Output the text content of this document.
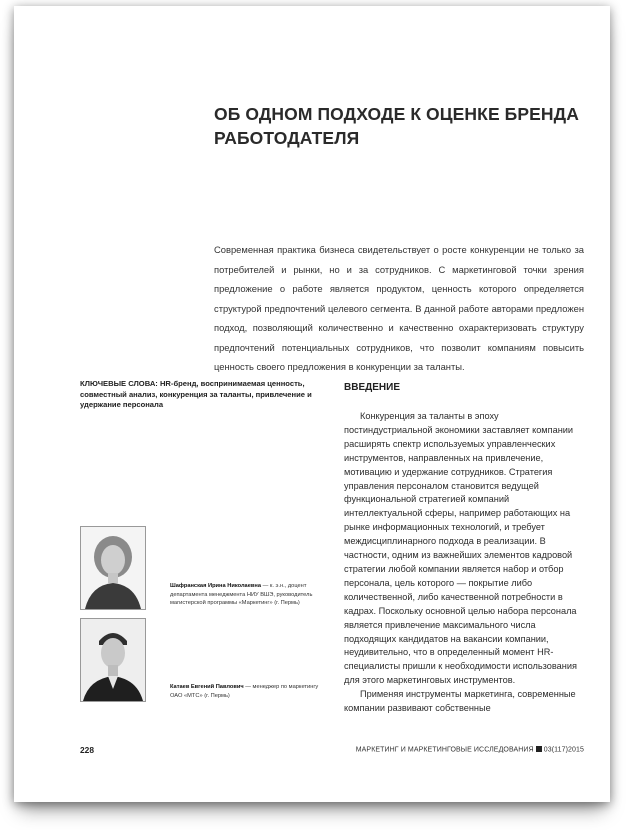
ОБ ОДНОМ ПОДХОДЕ К ОЦЕНКЕ БРЕНДА РАБОТОДАТЕЛЯ

Современная практика бизнеса свидетельствует о росте конкуренции не только за потребителей и рынки, но и за сотрудников. С маркетинговой точки зрения предложение о работе является продуктом, ценность которого определяется структурой предпочтений целевого сегмента. В данной работе авторами предложен подход, позволяющий количественно и качественно охарактеризовать структуру предпочтений потенциальных сотрудников, что позволит компаниям повысить ценность своего предложения в конкуренции за таланты.

КЛЮЧЕВЫЕ СЛОВА: HR-бренд, воспринимаемая ценность, совместный анализ, конкуренция за таланты, привлечение и удержание персонала
ВВЕДЕНИЕ

Конкуренция за таланты в эпоху постиндустриальной экономики заставляет компании расширять спектр используемых управленческих инструментов, направленных на привлечение, мотивацию и удержание сотрудников. Стратегия управления персоналом становится ведущей функциональной стратегией компаний интеллектуальной сферы, например работающих на рынке информационных технологий, и требует междисциплинарного подхода в реализации. В частности, одним из важнейших элементов кадровой стратегии любой компании является набор и отбор персонала, цель которого — покрытие либо количественной, либо качественной потребности в кадрах. Поскольку основной целью набора персонала является привлечение максимального числа подходящих кандидатов на вакансии компании, неудивительно, что в определенный момент HR-специалисты пришли к необходимости использования для этого маркетинговых инструментов.

Применяя инструменты маркетинга, современные компании развивают собственные

Шафранская Ирина Николаевна — к. э.н., доцент департамента менеджмента НИУ ВШЭ, руководитель магистерской программы «Маркетинг» (г. Пермь)
Катаев Евгений Павлович — менеджер по маркетингу ОАО «МТС» (г. Пермь)
228	МАРКЕТИНГ И МАРКЕТИНГОВЫЕ ИССЛЕДОВАНИЯ 03(117)2015
